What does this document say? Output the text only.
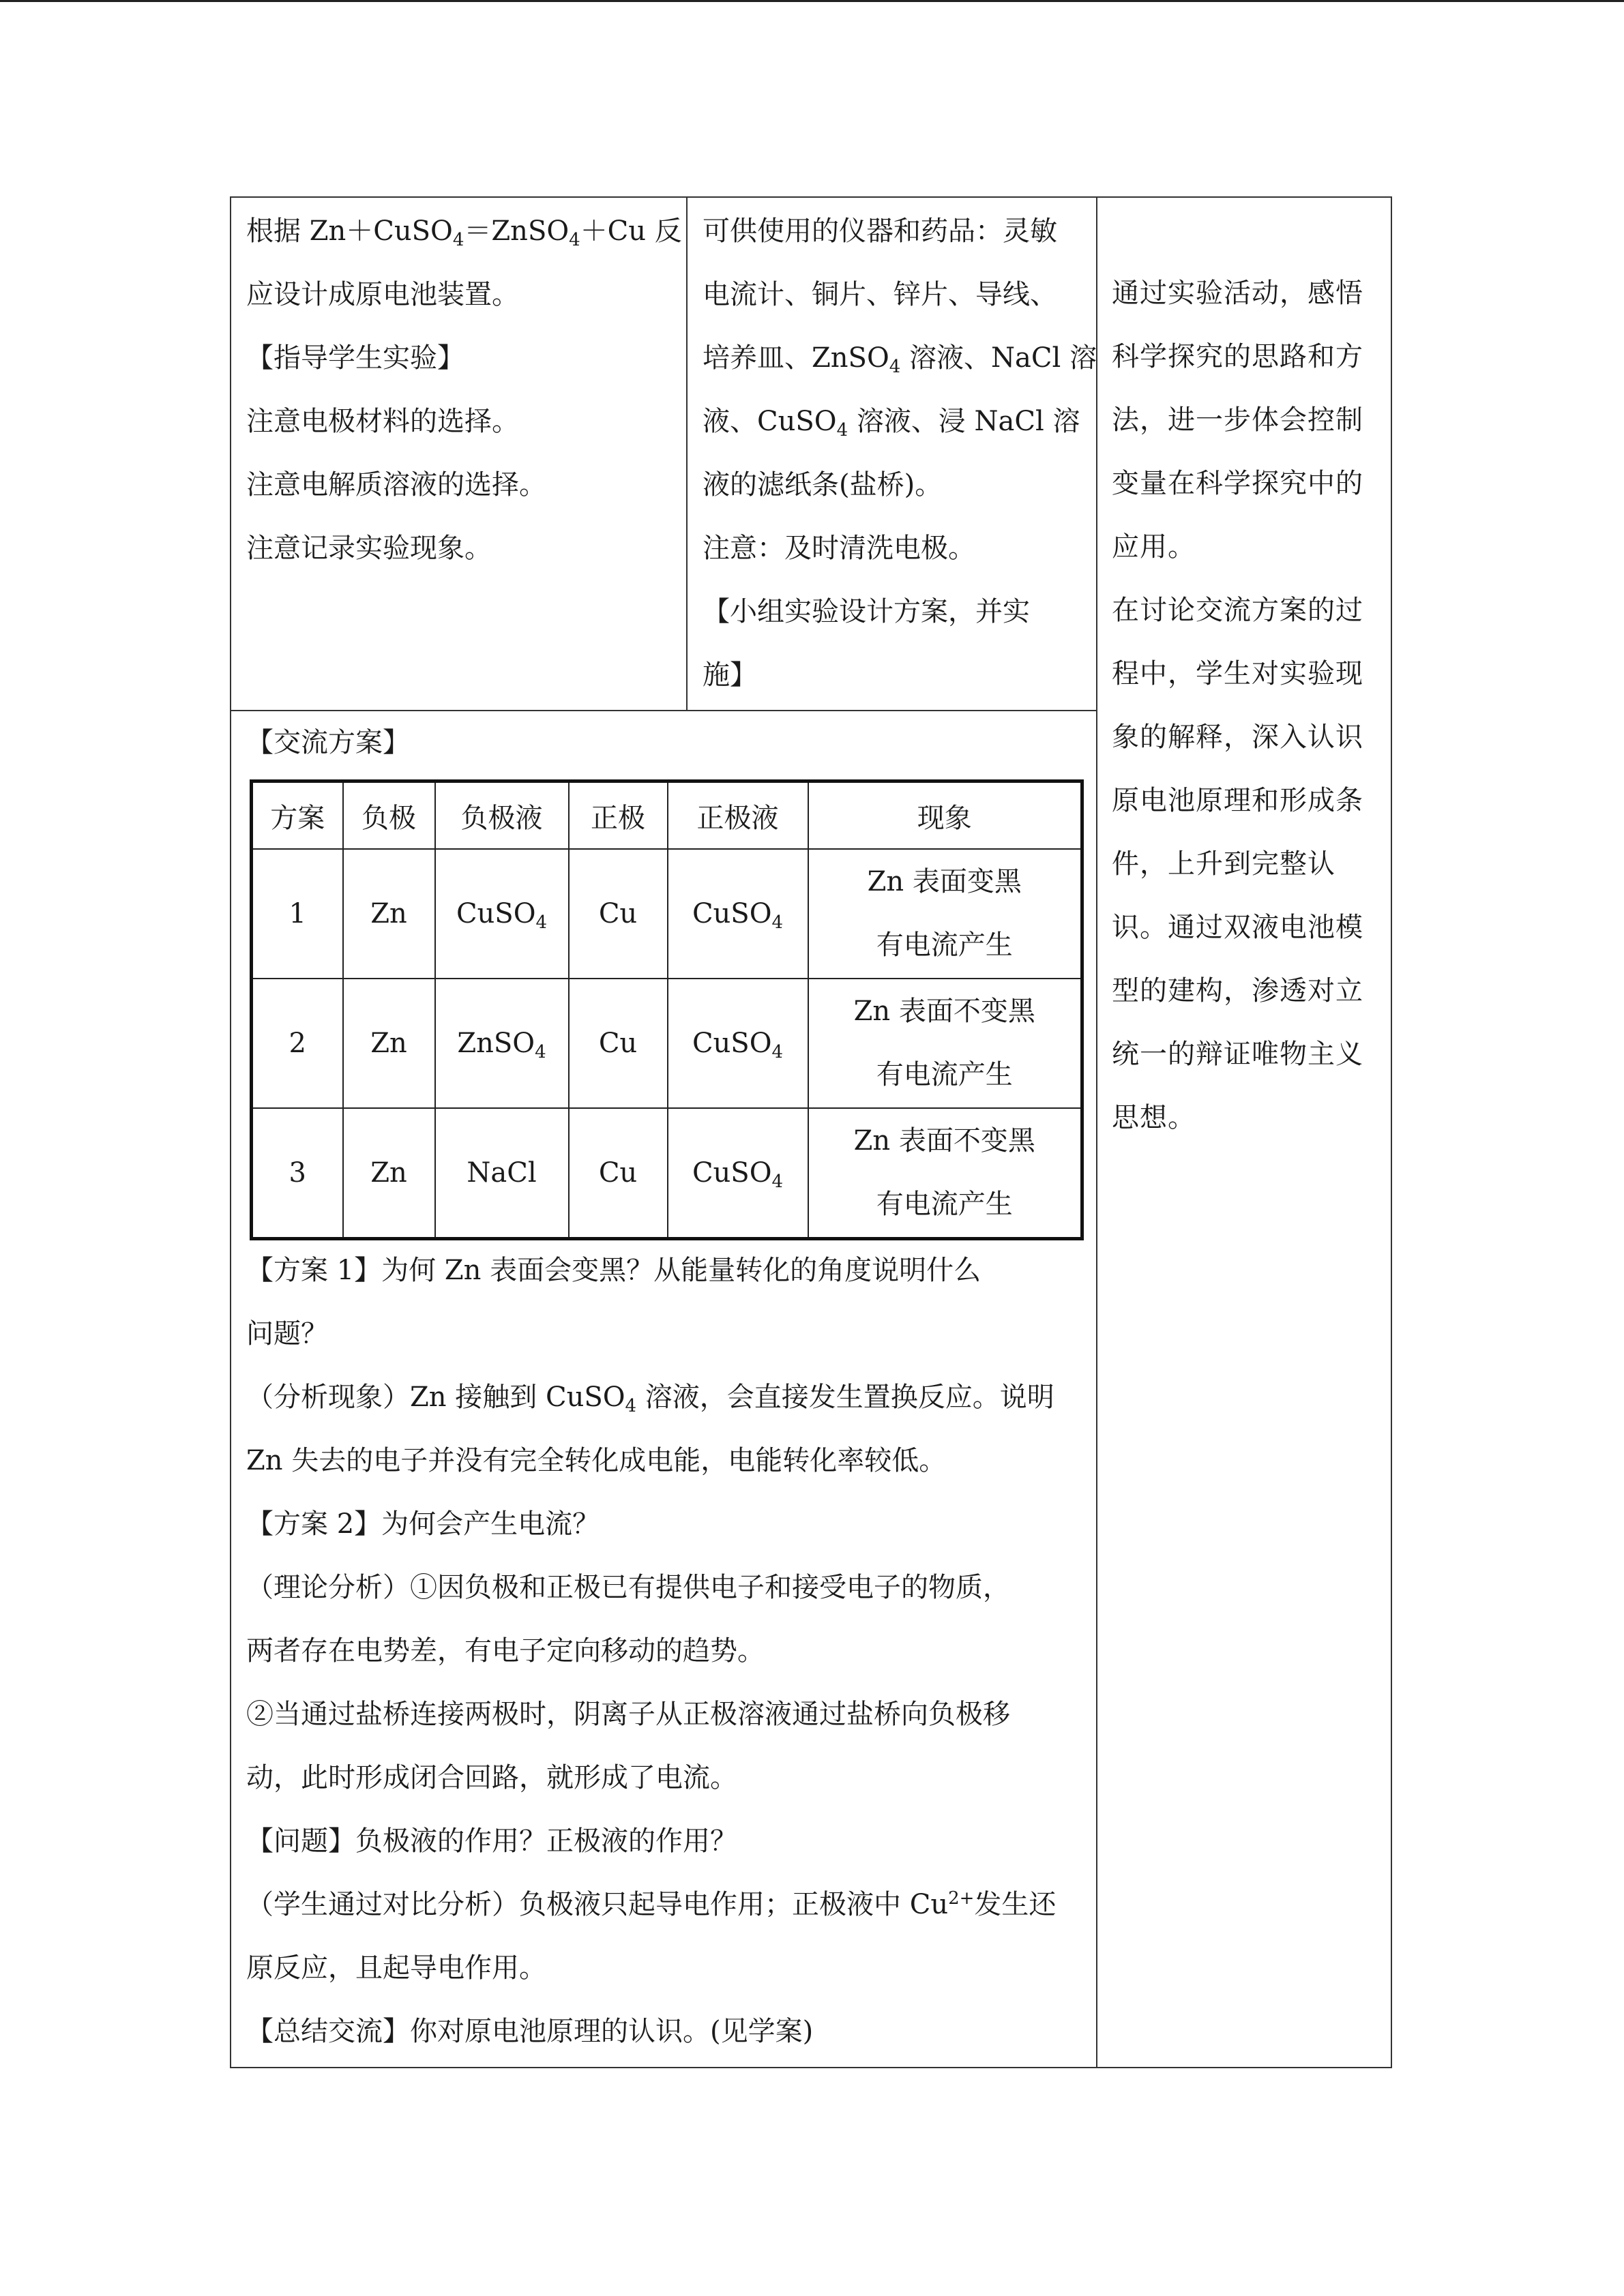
根据 Zn＋CuSO$_4$＝ZnSO$_4$＋Cu 反

应设计成原电池装置。

【指导学生实验】

注意电极材料的选择。

注意电解质溶液的选择。

注意记录实验现象。

可供使用的仪器和药品：灵敏

电流计、铜片、锌片、导线、

培养皿、ZnSO$_4$ 溶液、NaCl 溶

液、CuSO$_4$ 溶液、浸 NaCl 溶

液的滤纸条(盐桥)。

注意：及时清洗电极。

【小组实验设计方案，并实

施】

通过实验活动，感悟

科学探究的思路和方

法，进一步体会控制

变量在科学探究中的

应用。

在讨论交流方案的过

程中，学生对实验现

象的解释，深入认识

原电池原理和形成条

件，上升到完整认

识。通过双液电池模

型的建构，渗透对立

统一的辩证唯物主义

思想。

【交流方案】

方案	负极	负极液	正极	正极液	现象
1	Zn	CuSO$_4$	Cu	CuSO$_4$	Zn 表面变黑
有电流产生

2	Zn	ZnSO$_4$	Cu	CuSO$_4$	Zn 表面不变黑
有电流产生

3	Zn	NaCl	Cu	CuSO$_4$	Zn 表面不变黑
有电流产生

【方案 1】为何 Zn 表面会变黑？从能量转化的角度说明什么

问题？

（分析现象）Zn 接触到 CuSO$_4$ 溶液，会直接发生置换反应。说明

Zn 失去的电子并没有完全转化成电能，电能转化率较低。

【方案 2】为何会产生电流？

（理论分析）①因负极和正极已有提供电子和接受电子的物质，

两者存在电势差，有电子定向移动的趋势。

②当通过盐桥连接两极时，阴离子从正极溶液通过盐桥向负极移

动，此时形成闭合回路，就形成了电流。

【问题】负极液的作用？正极液的作用？

（学生通过对比分析）负极液只起导电作用；正极液中 $Cu^{2+}$发生还

原反应，且起导电作用。

【总结交流】你对原电池原理的认识。(见学案)
